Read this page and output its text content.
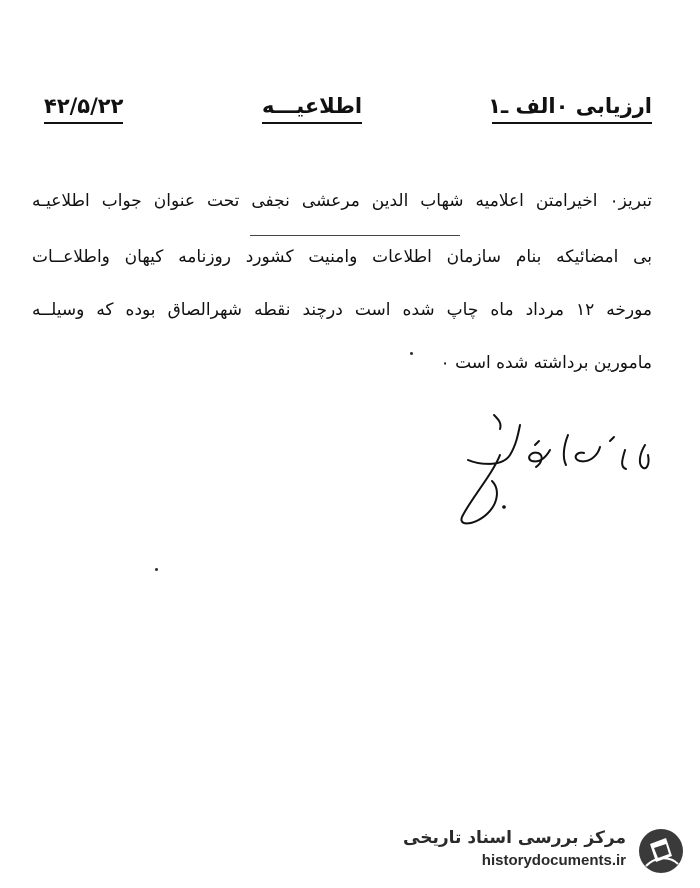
ارزیابی ۰الف ـ۱
اطلاعیـــه
۴۲/۵/۲۲
تبریز۰ اخیرامتن اعلامیه شهاب الدین مرعشی نجفی تحت عنوان جواب اطلاعیـه
بی امضائیکه بنام سازمان اطلاعات وامنیت کشورد روزنامه کیهان واطلاعــات
مورخه ۱۲ مرداد ماه چاپ شده است درچند نقطه شهرالصاق بوده که وسیلــه
مامورین برداشته شده است ۰
مرکز بررسی اسناد تاریخی
historydocuments.ir
